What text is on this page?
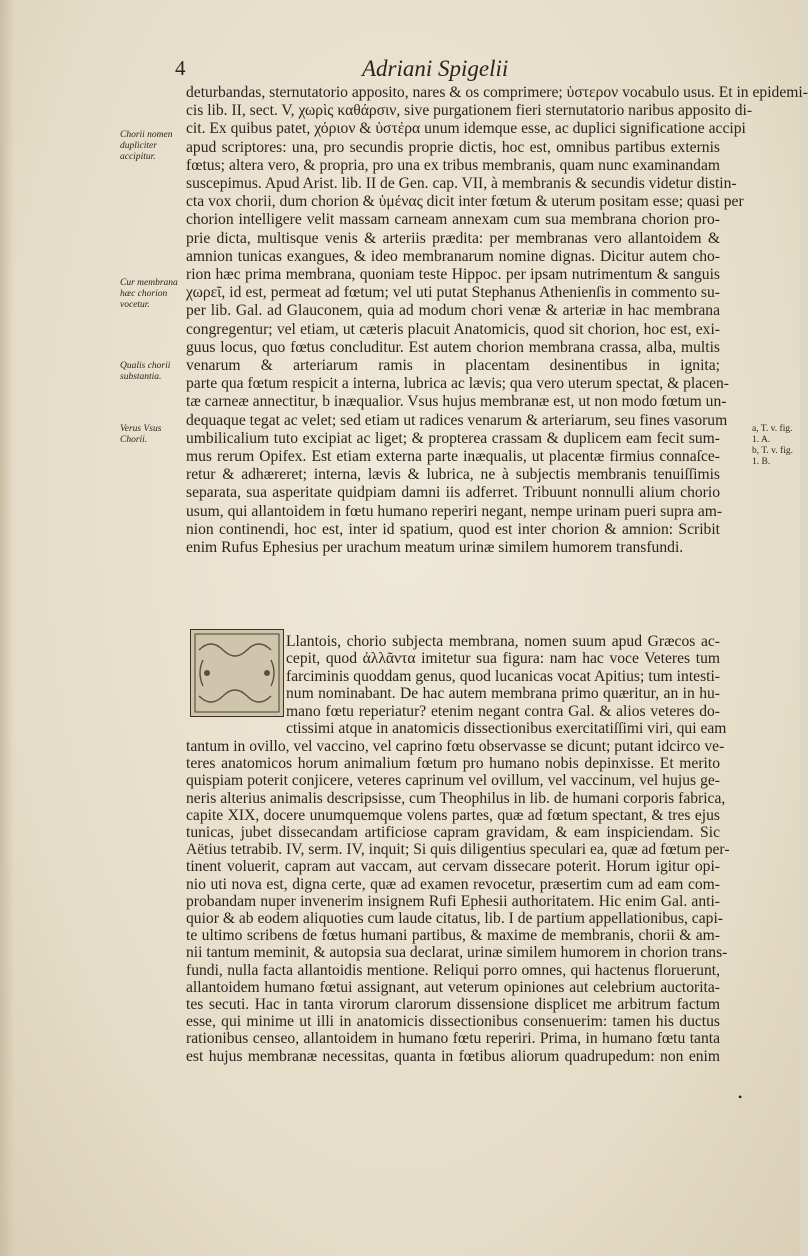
4	Adriani Spigelii
deturbandas, sternutatorio apposito, nares & os comprimere; ὑστερον vocabulo usus. Et in epidemi-
cis lib. II, sect. V, χωρὶς καθάρσιν, sive purgationem fieri sternutatorio naribus apposito di-
cit. Ex quibus patet, χόριον & ὑστέρα unum idemque esse, ac duplici significatione accipi
apud scriptores: una, pro secundis proprie dictis, hoc est, omnibus partibus externis
fœtus; altera vero, & propria, pro una ex tribus membranis, quam nunc examinandam
suscepimus. Apud Arist. lib. II de Gen. cap. VII, à membranis & secundis videtur distin-
cta vox chorii, dum chorion & ὑμένας dicit inter fœtum & uterum positam esse; quasi per
chorion intelligere velit massam carneam annexam cum sua membrana chorion pro-
prie dicta, multisque venis & arteriis prædita: per membranas vero allantoidem &
amnion tunicas exangues, & ideo membranarum nomine dignas. Dicitur autem cho-
rion hæc prima membrana, quoniam teste Hippoc. per ipsam nutrimentum & sanguis
χωρεῖ, id est, permeat ad fœtum; vel uti putat Stephanus Athenienſis in commento su-
per lib. Gal. ad Glauconem, quia ad modum chori venæ & arteriæ in hac membrana
congregentur; vel etiam, ut cæteris placuit Anatomicis, quod sit chorion, hoc est, exi-
guus locus, quo fœtus concluditur. Est autem chorion membrana crassa, alba, multis
venarum & arteriarum ramis in placentam desinentibus in ignita;
parte qua fœtum respicit a interna, lubrica ac lævis; qua vero uterum spectat, & placen-
tæ carneæ annectitur, b inæqualior. Vsus hujus membranæ est, ut non modo fœtum un-
dequaque tegat ac velet; sed etiam ut radices venarum & arteriarum, seu fines vasorum
umbilicalium tuto excipiat ac liget; & propterea crassam & duplicem eam fecit sum-
mus rerum Opifex. Est etiam externa parte inæqualis, ut placentæ firmius connaſce-
retur & adhæreret; interna, lævis & lubrica, ne à subjectis membranis tenuiſſimis
separata, sua asperitate quidpiam damni iis adferret. Tribuunt nonnulli alium chorio
usum, qui allantoidem in fœtu humano reperiri negant, nempe urinam pueri supra am-
nion continendi, hoc est, inter id spatium, quod est inter chorion & amnion: Scribit
enim Rufus Ephesius per urachum meatum urinæ similem humorem transfundi.
Chorii nomen dupliciter accipitur.
Cur membrana hæc chorion vocetur.
Qualis chorii substantia.
Verus Vsus Chorii.
a, T. v. fig. 1. A.
b, T. v. fig. 1. B.
Llantois, chorio subjecta membrana, nomen suum apud Græcos ac-
cepit, quod ἀλλᾶντα imitetur sua figura: nam hac voce Veteres tum
farciminis quoddam genus, quod lucanicas vocat Apitius; tum intesti-
num nominabant. De hac autem membrana primo quæritur, an in hu-
mano fœtu reperiatur? etenim negant contra Gal. & alios veteres do-
ctissimi atque in anatomicis dissectionibus exercitatiſſimi viri, qui eam
tantum in ovillo, vel vaccino, vel caprino fœtu observasse se dicunt; putant idcirco ve-
teres anatomicos horum animalium fœtum pro humano nobis depinxisse. Et merito
quispiam poterit conjicere, veteres caprinum vel ovillum, vel vaccinum, vel hujus ge-
neris alterius animalis descripsisse, cum Theophilus in lib. de humani corporis fabrica,
capite XIX, docere unumquemque volens partes, quæ ad fœtum spectant, & tres ejus
tunicas, jubet dissecandam artificiose capram gravidam, & eam inspiciendam. Sic
Aëtius tetrabib. IV, serm. IV, inquit; Si quis diligentius speculari ea, quæ ad fœtum per-
tinent voluerit, capram aut vaccam, aut cervam dissecare poterit. Horum igitur opi-
nio uti nova est, digna certe, quæ ad examen revocetur, præsertim cum ad eam com-
probandam nuper invenerim insignem Rufi Ephesii authoritatem. Hic enim Gal. anti-
quior & ab eodem aliquoties cum laude citatus, lib. I de partium appellationibus, capi-
te ultimo scribens de fœtus humani partibus, & maxime de membranis, chorii & am-
nii tantum meminit, & autopsia sua declarat, urinæ similem humorem in chorion trans-
fundi, nulla facta allantoidis mentione. Reliqui porro omnes, qui hactenus floruerunt,
allantoidem humano fœtui assignant, aut veterum opiniones aut celebrium auctorita-
tes secuti. Hac in tanta virorum clarorum dissensione displicet me arbitrum factum
esse, qui minime ut illi in anatomicis dissectionibus consenuerim: tamen his ductus
rationibus censeo, allantoidem in humano fœtu reperiri. Prima, in humano fœtu tanta
est hujus membranæ necessitas, quanta in fœtibus aliorum quadrupedum: non enim
•
